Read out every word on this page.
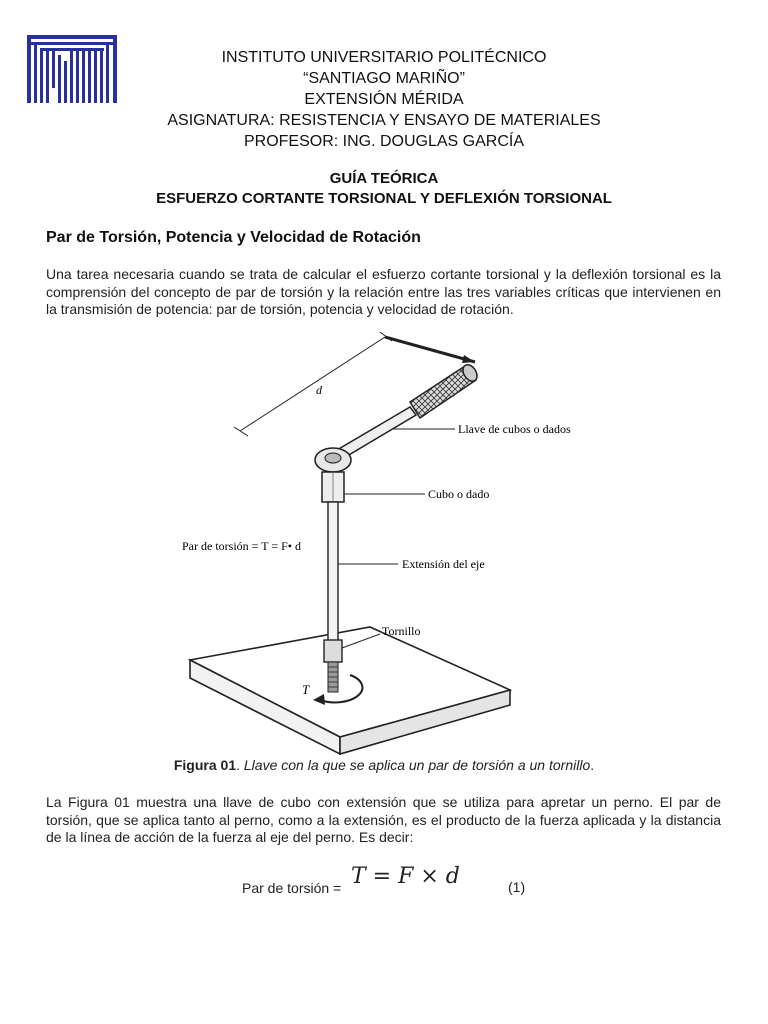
INSTITUTO UNIVERSITARIO POLITÉCNICO
“SANTIAGO MARIÑO”
EXTENSIÓN MÉRIDA
ASIGNATURA: RESISTENCIA Y ENSAYO DE MATERIALES
PROFESOR: ING. DOUGLAS GARCÍA
GUÍA TEÓRICA
ESFUERZO CORTANTE TORSIONAL Y DEFLEXIÓN TORSIONAL
Par de Torsión, Potencia y Velocidad de Rotación
Una tarea necesaria cuando se trata de calcular el esfuerzo cortante torsional y la deflexión torsional es la comprensión del concepto de par de torsión y la relación entre las tres variables críticas que intervienen en la transmisión de potencia: par de torsión, potencia y velocidad de rotación.
d
T
Llave de cubos o dados
Cubo o dado
Extensión del eje
Par de torsión = T = F• d
Tornillo
Figura 01. Llave con la que se aplica un par de torsión a un tornillo.
La Figura 01 muestra una llave de cubo con extensión que se utiliza para apretar un perno. El par de torsión, que se aplica tanto al perno, como a la extensión, es el producto de la fuerza aplicada y la distancia de la línea de acción de la fuerza al eje del perno. Es decir:
Par de torsión = T = F × d	(1)
